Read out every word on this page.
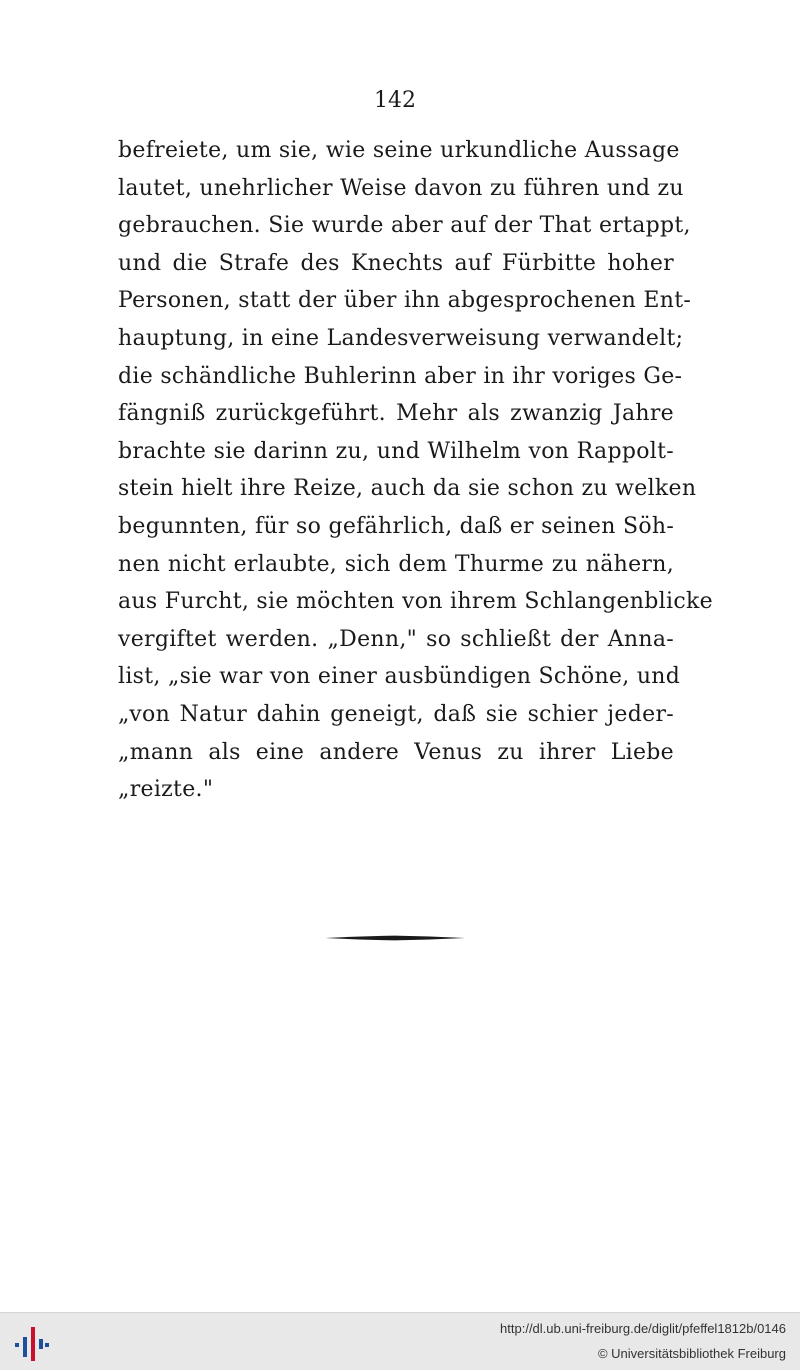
142
befreiete, um sie, wie seine urkundliche Aussage
lautet, unehrlicher Weise davon zu führen und zu
gebrauchen. Sie wurde aber auf der That ertappt,
und die Strafe des Knechts auf Fürbitte hoher
Personen, statt der über ihn abgesprochenen Ent-
hauptung, in eine Landesverweisung verwandelt;
die schändliche Buhlerinn aber in ihr voriges Ge-
fängniß zurückgeführt. Mehr als zwanzig Jahre
brachte sie darinn zu, und Wilhelm von Rappolt-
stein hielt ihre Reize, auch da sie schon zu welken
begunnten, für so gefährlich, daß er seinen Söh-
nen nicht erlaubte, sich dem Thurme zu nähern,
aus Furcht, sie möchten von ihrem Schlangenblicke
vergiftet werden. „Denn," so schließt der Anna-
list, „sie war von einer ausbündigen Schöne, und
„von Natur dahin geneigt, daß sie schier jeder-
„mann als eine andere Venus zu ihrer Liebe
„reizte."
http://dl.ub.uni-freiburg.de/diglit/pfeffel1812b/0146
© Universitätsbibliothek Freiburg
